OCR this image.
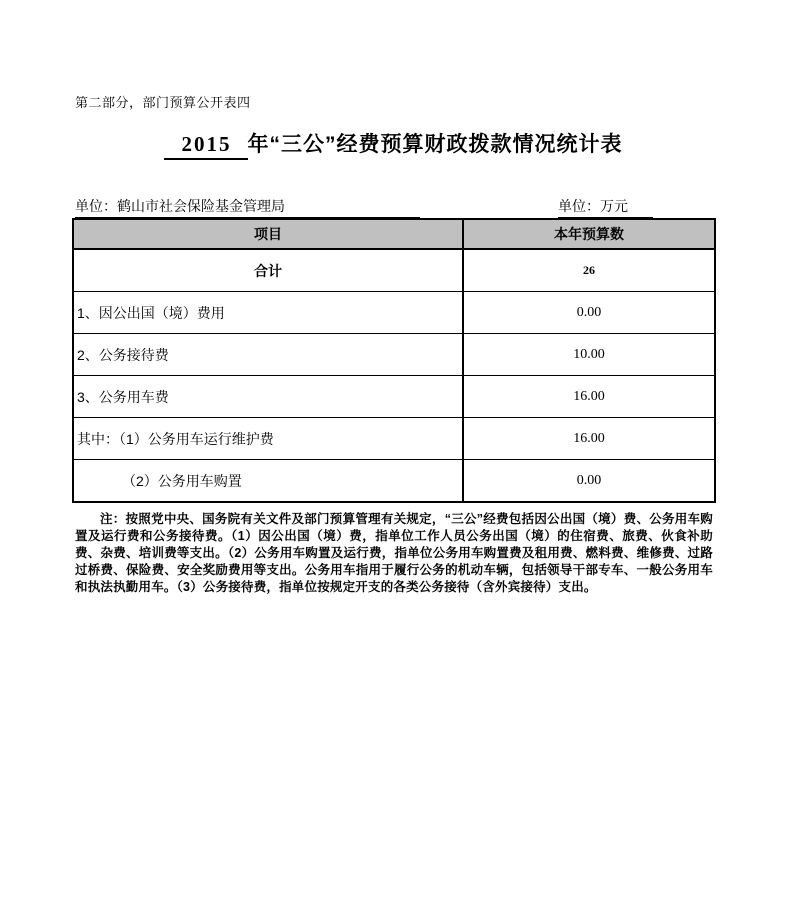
第二部分，部门预算公开表四
2015 年“三公”经费预算财政拨款情况统计表
单位：鹤山市社会保险基金管理局	单位：万元
项目	本年预算数
合计	26
1、因公出国（境）费用	0.00
2、公务接待费	10.00
3、公务用车费	16.00
其中：（1）公务用车运行维护费	16.00
（2）公务用车购置	0.00
注：按照党中央、国务院有关文件及部门预算管理有关规定，“三公”经费包括因公出国（境）费、公务用车购置及运行费和公务接待费。（1）因公出国（境）费，指单位工作人员公务出国（境）的住宿费、旅费、伙食补助费、杂费、培训费等支出。（2）公务用车购置及运行费，指单位公务用车购置费及租用费、燃料费、维修费、过路过桥费、保险费、安全奖励费用等支出。公务用车指用于履行公务的机动车辆，包括领导干部专车、一般公务用车和执法执勤用车。（3）公务接待费，指单位按规定开支的各类公务接待（含外宾接待）支出。
